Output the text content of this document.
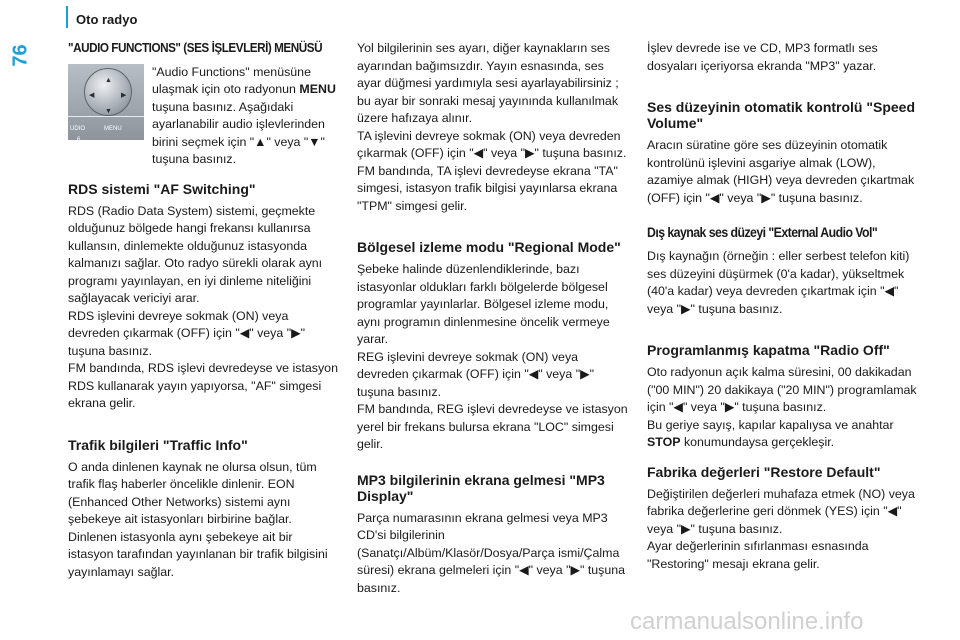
Oto radyo
76	"AUDIO FUNCTIONS" (SES İŞLEVLERİ) MENÜSÜ
▲
◀	▶
▼
UDIO	MENU
6
"Audio Functions" menüsüne ulaşmak için oto radyonun MENU tuşuna basınız. Aşağıdaki ayarlanabilir audio işlevlerinden birini seçmek için "▲" veya "▼" tuşuna basınız.
RDS sistemi "AF Switching"

RDS (Radio Data System) sistemi, geçmekte olduğunuz bölgede hangi frekansı kullanırsa kullansın, dinlemekte olduğunuz istasyonda kalmanızı sağlar. Oto radyo sürekli olarak aynı programı yayınlayan, en iyi dinleme niteliğini sağlayacak vericiyi arar.

RDS işlevini devreye sokmak (ON) veya devreden çıkarmak (OFF) için "◀" veya "▶" tuşuna basınız.

FM bandında, RDS işlevi devredeyse ve istasyon RDS kullanarak yayın yapıyorsa, "AF" simgesi ekrana gelir.

Trafik bilgileri "Traffic Info"

O anda dinlenen kaynak ne olursa olsun, tüm trafik flaş haberler öncelikle dinlenir. EON (Enhanced Other Networks) sistemi aynı şebekeye ait istasyonları birbirine bağlar. Dinlenen istasyonla aynı şebekeye ait bir istasyon tarafından yayınlanan bir trafik bilgisini yayınlamayı sağlar.

Yol bilgilerinin ses ayarı, diğer kaynakların ses ayarından bağımsızdır. Yayın esnasında, ses ayar düğmesi yardımıyla sesi ayarlayabilirsiniz ; bu ayar bir sonraki mesaj yayınında kullanılmak üzere hafızaya alınır.

TA işlevini devreye sokmak (ON) veya devreden çıkarmak (OFF) için "◀" veya "▶" tuşuna basınız.

FM bandında, TA işlevi devredeyse ekrana "TA" simgesi, istasyon trafik bilgisi yayınlarsa ekrana "TPM" simgesi gelir.

Bölgesel izleme modu "Regional Mode"

Şebeke halinde düzenlendiklerinde, bazı istasyonlar oldukları farklı bölgelerde bölgesel programlar yayınlarlar. Bölgesel izleme modu, aynı programın dinlenmesine öncelik vermeye yarar.

REG işlevini devreye sokmak (ON) veya devreden çıkarmak (OFF) için "◀" veya "▶" tuşuna basınız.

FM bandında, REG işlevi devredeyse ve istasyon yerel bir frekans bulursa ekrana "LOC" simgesi gelir.

MP3 bilgilerinin ekrana gelmesi "MP3 Display"

Parça numarasının ekrana gelmesi veya MP3 CD'si bilgilerinin (Sanatçı/Albüm/Klasör/Dosya/Parça ismi/Çalma süresi) ekrana gelmeleri için "◀" veya "▶" tuşuna basınız.

İşlev devrede ise ve CD, MP3 formatlı ses dosyaları içeriyorsa ekranda "MP3" yazar.

Ses düzeyinin otomatik kontrolü "Speed Volume"

Aracın süratine göre ses düzeyinin otomatik kontrolünü işlevini asgariye almak (LOW), azamiye almak (HIGH) veya devreden çıkartmak (OFF) için "◀" veya "▶" tuşuna basınız.

Dış kaynak ses düzeyi "External Audio Vol"

Dış kaynağın (örneğin : eller serbest telefon kiti) ses düzeyini düşürmek (0'a kadar), yükseltmek (40'a kadar) veya devreden çıkartmak için "◀" veya "▶" tuşuna basınız.

Programlanmış kapatma "Radio Off"

Oto radyonun açık kalma süresini, 00 dakikadan ("00 MIN") 20 dakikaya ("20 MIN") programlamak için "◀" veya "▶" tuşuna basınız.

Bu geriye sayış, kapılar kapalıysa ve anahtar STOP konumundaysa gerçekleşir.

Fabrika değerleri "Restore Default"

Değiştirilen değerleri muhafaza etmek (NO) veya fabrika değerlerine geri dönmek (YES) için "◀" veya "▶" tuşuna basınız.

Ayar değerlerinin sıfırlanması esnasında "Restoring" mesajı ekrana gelir.

carmanualsonline.info
